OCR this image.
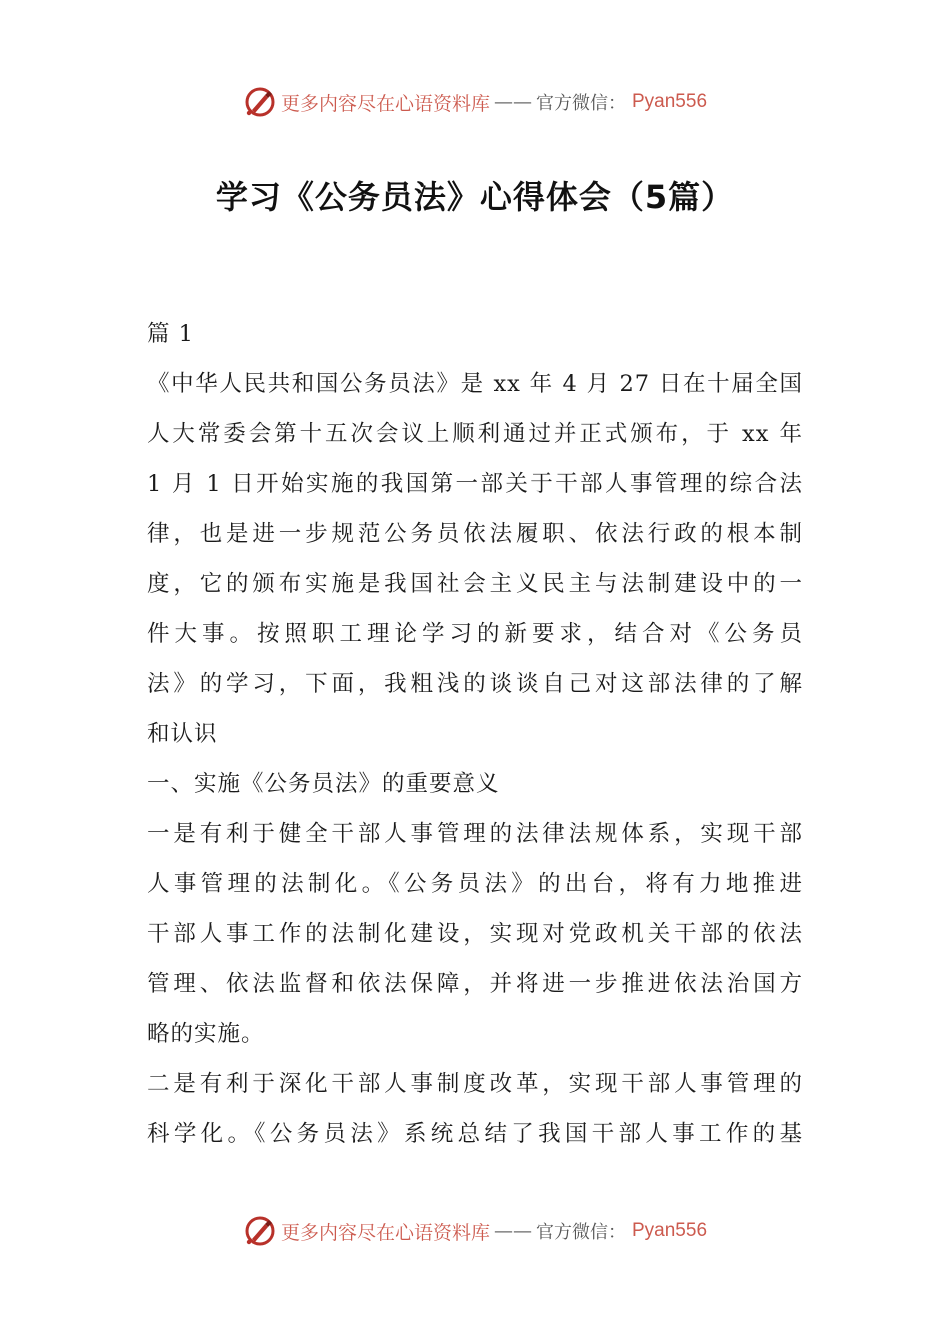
更多内容尽在心语资料库 —— 官方微信： Pyan556
学习《公务员法》心得体会（5篇）

篇 1

《中华人民共和国公务员法》是 xx 年 4 月 27 日在十届全国

人大常委会第十五次会议上顺利通过并正式颁布，于 xx 年

1 月 1 日开始实施的我国第一部关于干部人事管理的综合法

律，也是进一步规范公务员依法履职、依法行政的根本制

度，它的颁布实施是我国社会主义民主与法制建设中的一

件大事。按照职工理论学习的新要求，结合对《公务员

法》的学习，下面，我粗浅的谈谈自己对这部法律的了解

和认识

一、实施《公务员法》的重要意义

一是有利于健全干部人事管理的法律法规体系，实现干部

人事管理的法制化。《公务员法》的出台，将有力地推进

干部人事工作的法制化建设，实现对党政机关干部的依法

管理、依法监督和依法保障，并将进一步推进依法治国方

略的实施。

二是有利于深化干部人事制度改革，实现干部人事管理的

科学化。《公务员法》系统总结了我国干部人事工作的基

更多内容尽在心语资料库 —— 官方微信： Pyan556
